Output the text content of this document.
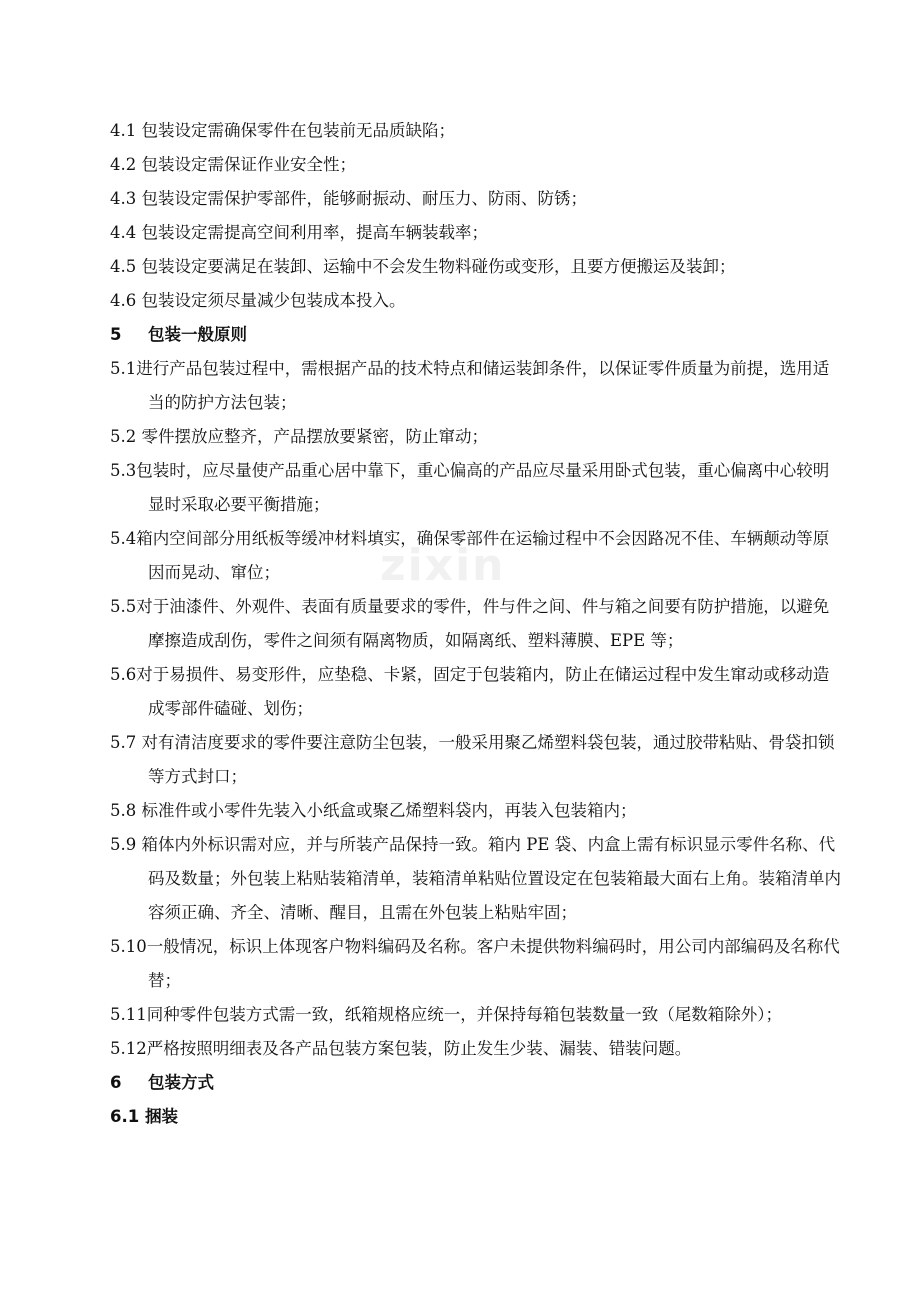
zixin
4.1 包装设定需确保零件在包装前无品质缺陷；
4.2 包装设定需保证作业安全性；
4.3 包装设定需保护零部件，能够耐振动、耐压力、防雨、防锈；
4.4 包装设定需提高空间利用率，提高车辆装载率；
4.5 包装设定要满足在装卸、运输中不会发生物料碰伤或变形，且要方便搬运及装卸；
4.6 包装设定须尽量减少包装成本投入。
5 包装一般原则
5.1进行产品包装过程中，需根据产品的技术特点和储运装卸条件，以保证零件质量为前提，选用适当的防护方法包装；
5.2 零件摆放应整齐，产品摆放要紧密，防止窜动；
5.3包装时，应尽量使产品重心居中靠下，重心偏高的产品应尽量采用卧式包装，重心偏离中心较明显时采取必要平衡措施；
5.4箱内空间部分用纸板等缓冲材料填实，确保零部件在运输过程中不会因路况不佳、车辆颠动等原因而晃动、窜位；
5.5对于油漆件、外观件、表面有质量要求的零件，件与件之间、件与箱之间要有防护措施，以避免摩擦造成刮伤，零件之间须有隔离物质，如隔离纸、塑料薄膜、EPE 等；
5.6对于易损件、易变形件，应垫稳、卡紧，固定于包装箱内，防止在储运过程中发生窜动或移动造成零部件磕碰、划伤；
5.7 对有清洁度要求的零件要注意防尘包装，一般采用聚乙烯塑料袋包装，通过胶带粘贴、骨袋扣锁等方式封口；
5.8 标准件或小零件先装入小纸盒或聚乙烯塑料袋内，再装入包装箱内；
5.9 箱体内外标识需对应，并与所装产品保持一致。箱内 PE 袋、内盒上需有标识显示零件名称、代码及数量；外包装上粘贴装箱清单，装箱清单粘贴位置设定在包装箱最大面右上角。装箱清单内容须正确、齐全、清晰、醒目，且需在外包装上粘贴牢固；
5.10一般情况，标识上体现客户物料编码及名称。客户未提供物料编码时，用公司内部编码及名称代替；
5.11同种零件包装方式需一致，纸箱规格应统一，并保持每箱包装数量一致（尾数箱除外）；
5.12严格按照明细表及各产品包装方案包装，防止发生少装、漏装、错装问题。
6 包装方式
6.1 捆装
